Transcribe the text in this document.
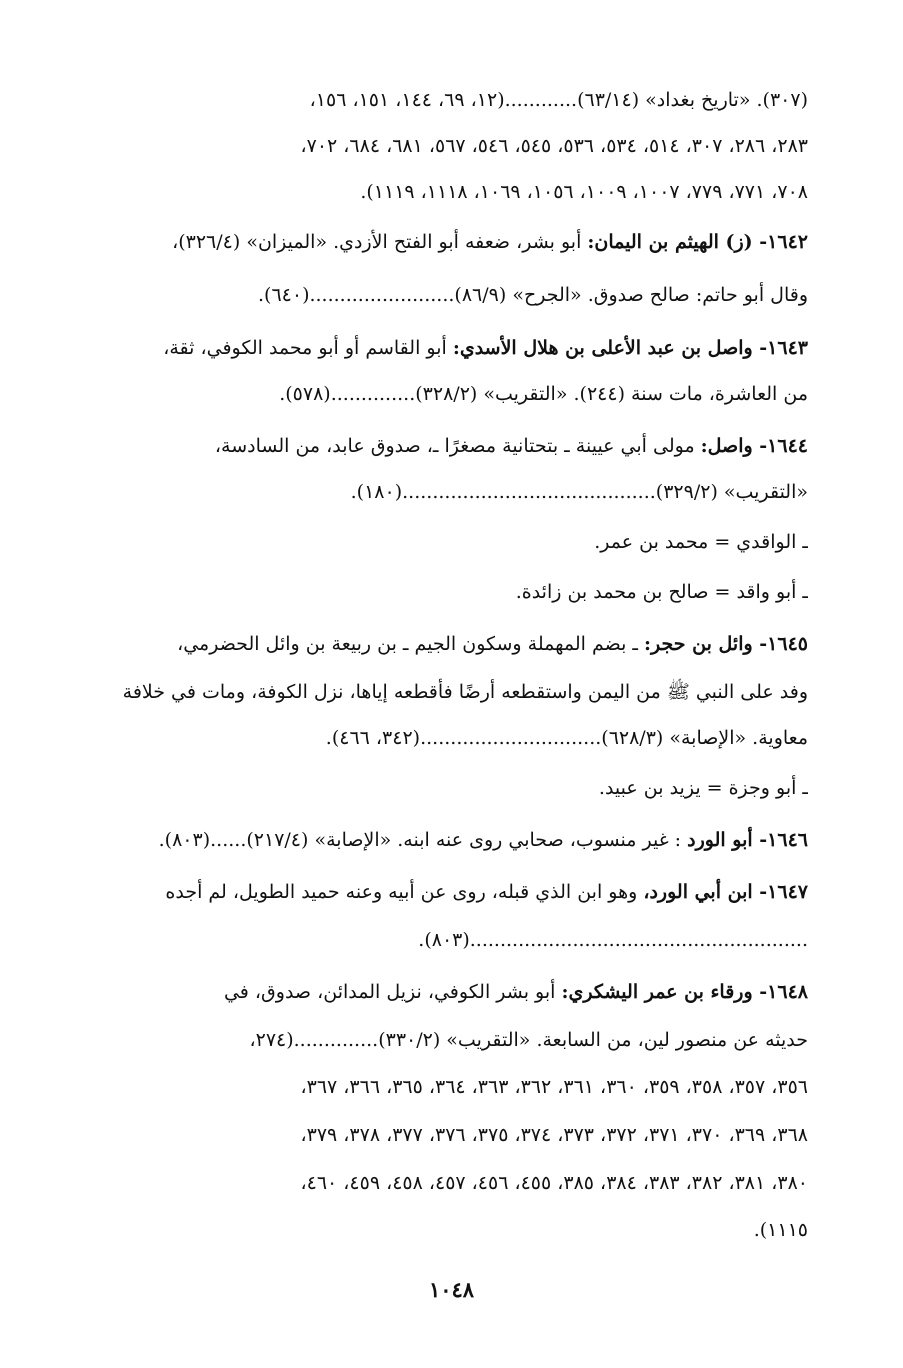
(٣٠٧). «تاريخ بغداد» (٦٣/١٤)............(١٢، ٦٩، ١٤٤، ١٥١، ١٥٦،
٢٨٣، ٢٨٦، ٣٠٧، ٥١٤، ٥٣٤، ٥٣٦، ٥٤٥، ٥٤٦، ٥٦٧، ٦٨١، ٦٨٤، ٧٠٢،
٧٠٨، ٧٧١، ٧٧٩، ١٠٠٧، ١٠٠٩، ١٠٥٦، ١٠٦٩، ١١١٨، ١١١٩).
١٦٤٢- (ز) الهيثم بن اليمان: أبو بشر، ضعفه أبو الفتح الأزدي. «الميزان» (٣٢٦/٤)،
وقال أبو حاتم: صالح صدوق. «الجرح» (٨٦/٩)........................(٦٤٠).
١٦٤٣- واصل بن عبد الأعلى بن هلال الأسدي: أبو القاسم أو أبو محمد الكوفي، ثقة،
من العاشرة، مات سنة (٢٤٤). «التقريب» (٣٢٨/٢)..............(٥٧٨).
١٦٤٤- واصل: مولى أبي عيينة ـ بتحتانية مصغرًا ـ، صدوق عابد، من السادسة،
«التقريب» (٣٢٩/٢)..........................................(١٨٠).
ـ الواقدي = محمد بن عمر.
ـ أبو واقد = صالح بن محمد بن زائدة.
١٦٤٥- وائل بن حجر: ـ بضم المهملة وسكون الجيم ـ بن ربيعة بن وائل الحضرمي،
وفد على النبي ﷺ من اليمن واستقطعه أرضًا فأقطعه إياها، نزل الكوفة، ومات في خلافة
معاوية. «الإصابة» (٦٢٨/٣)..............................(٣٤٢، ٤٦٦).
ـ أبو وجزة = يزيد بن عبيد.
١٦٤٦- أبو الورد : غير منسوب، صحابي روى عنه ابنه. «الإصابة» (٢١٧/٤)......(٨٠٣).
١٦٤٧- ابن أبي الورد، وهو ابن الذي قبله، روى عن أبيه وعنه حميد الطويل، لم أجده
........................................................(٨٠٣).
١٦٤٨- ورقاء بن عمر اليشكري: أبو بشر الكوفي، نزيل المدائن، صدوق، في
حديثه عن منصور لين، من السابعة. «التقريب» (٣٣٠/٢)..............(٢٧٤،
٣٥٦، ٣٥٧، ٣٥٨، ٣٥٩، ٣٦٠، ٣٦١، ٣٦٢، ٣٦٣، ٣٦٤، ٣٦٥، ٣٦٦، ٣٦٧،
٣٦٨، ٣٦٩، ٣٧٠، ٣٧١، ٣٧٢، ٣٧٣، ٣٧٤، ٣٧٥، ٣٧٦، ٣٧٧، ٣٧٨، ٣٧٩،
٣٨٠، ٣٨١، ٣٨٢، ٣٨٣، ٣٨٤، ٣٨٥، ٤٥٥، ٤٥٦، ٤٥٧، ٤٥٨، ٤٥٩، ٤٦٠،
١١١٥).
١٠٤٨
